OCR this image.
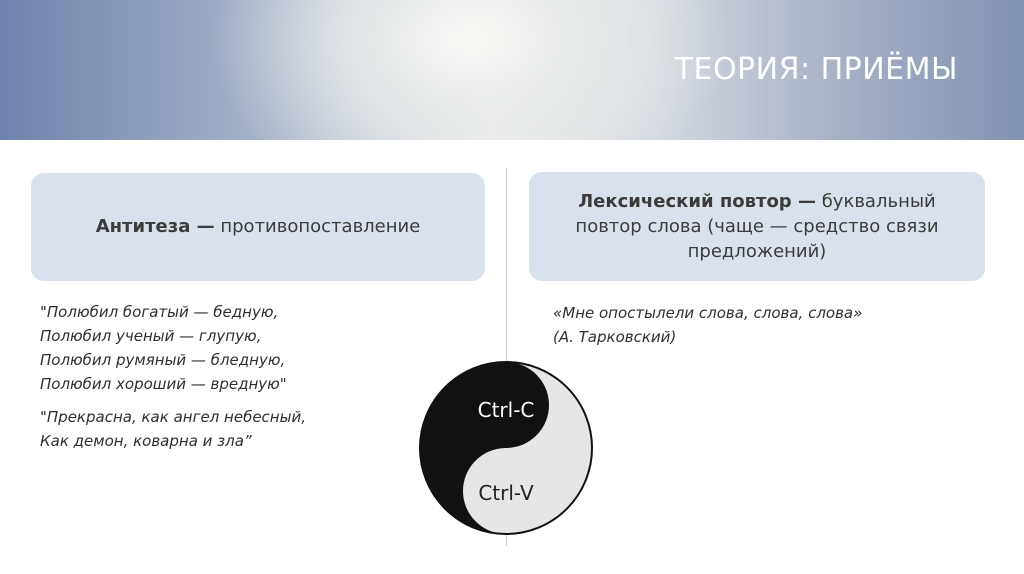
ТЕОРИЯ: ПРИЁМЫ
Антитеза — противопоставление
Лексический повтор — буквальный
повтор слова (чаще — средство связи
предложений)
"Полюбил богатый — бедную,
Полюбил ученый — глупую,
Полюбил румяный — бледную,
Полюбил хороший — вредную"
"Прекрасна, как ангел небесный,
Как демон, коварна и зла”
«Мне опостылели слова, слова, слова»
(А. Тарковский)
Ctrl-C
Ctrl-V
